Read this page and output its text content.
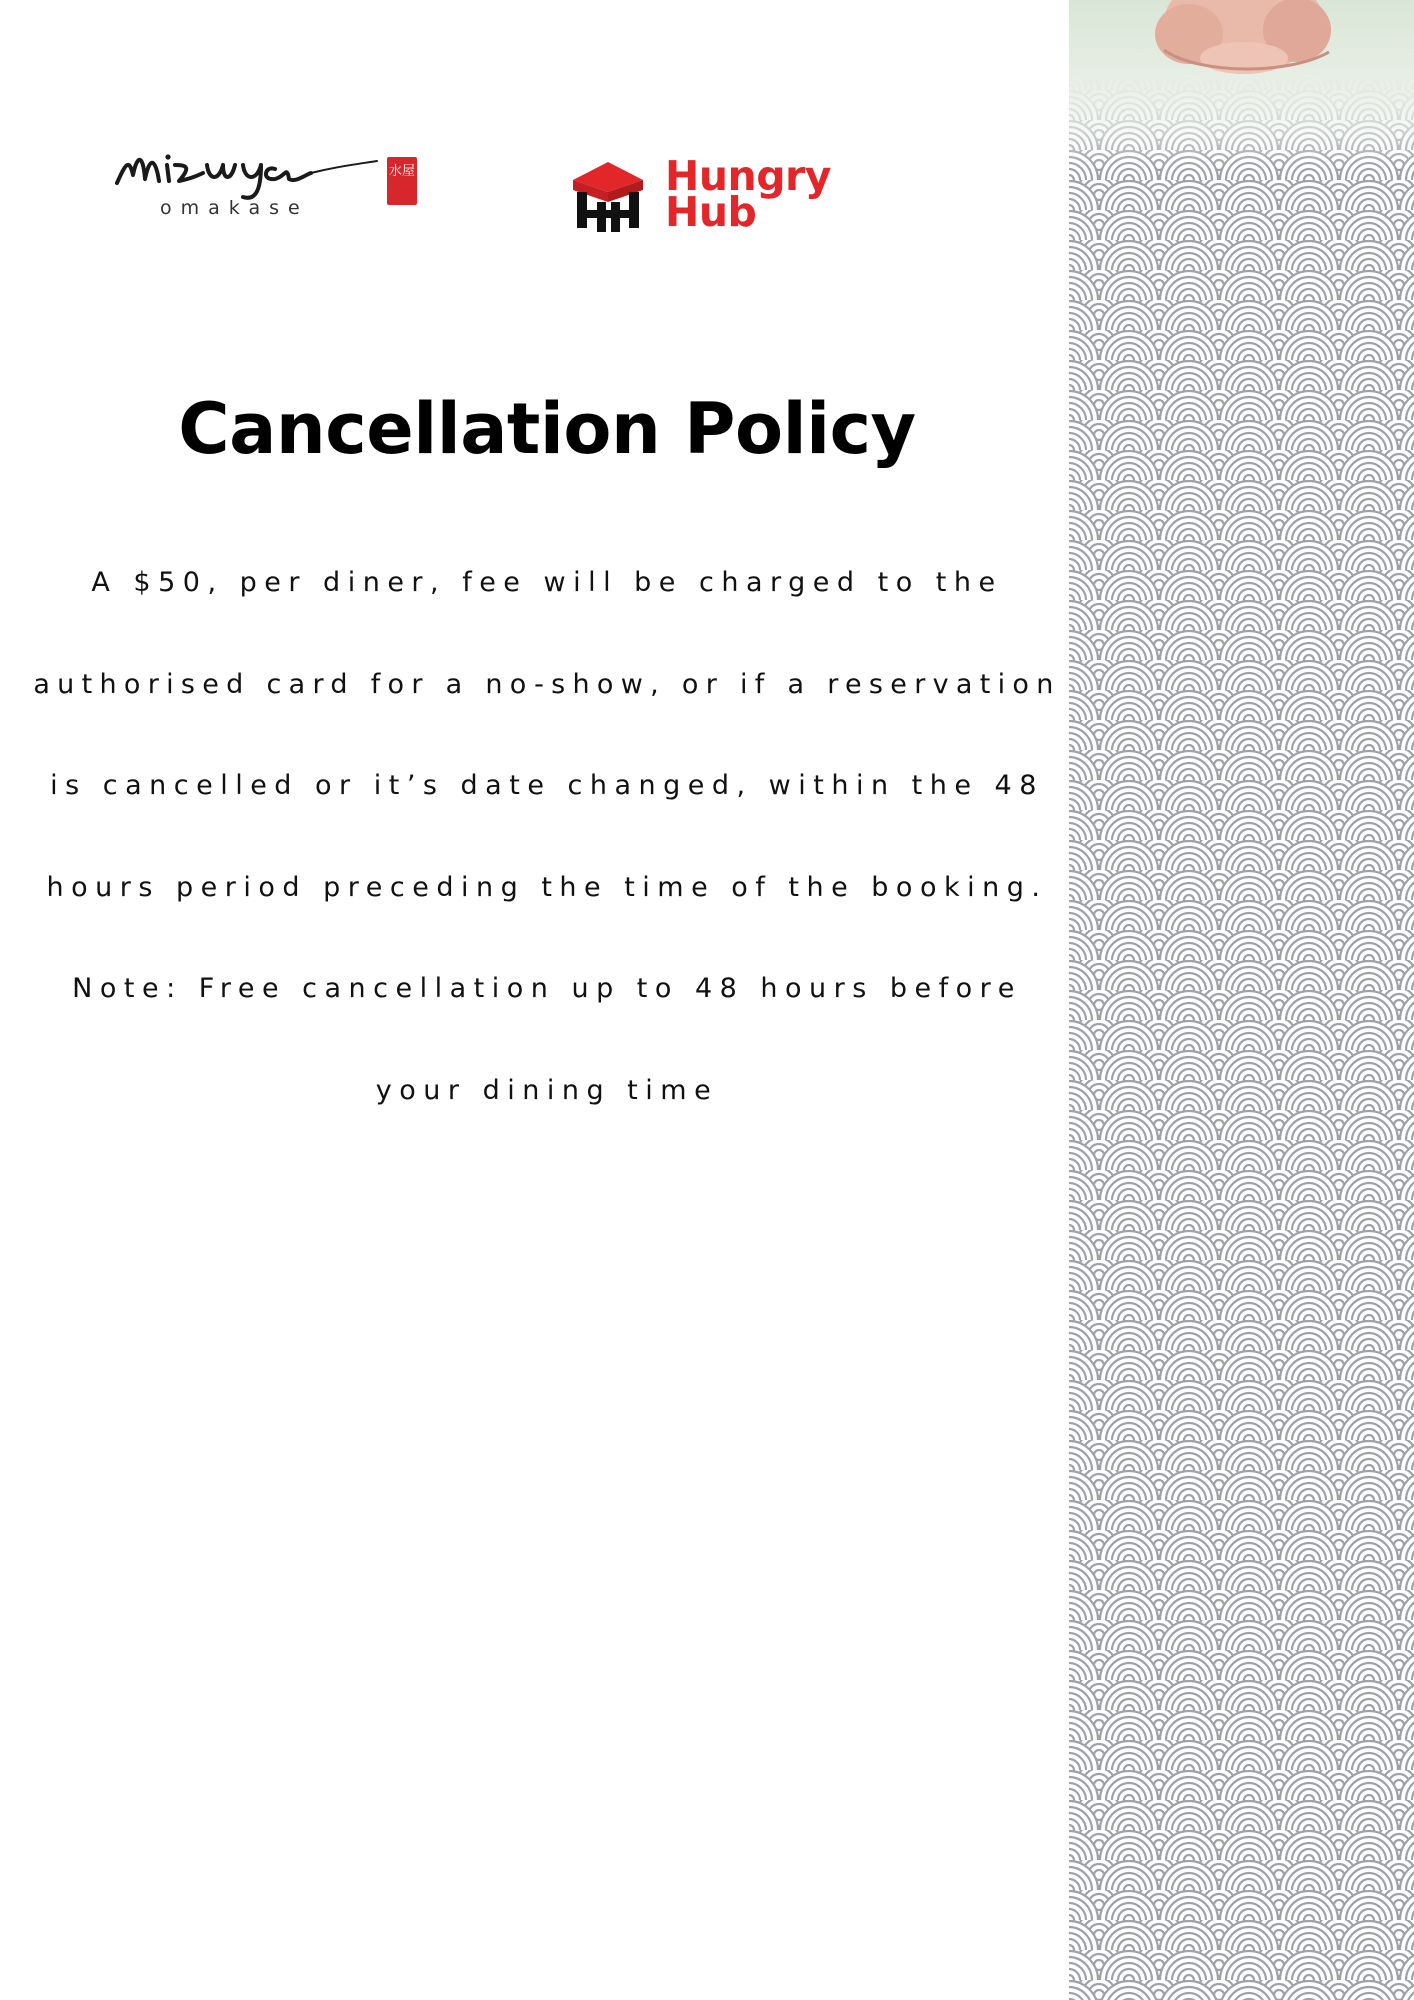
omakase
水屋	Hungry
Hub
Cancellation Policy
A $50, per diner, fee will be charged to the
authorised card for a no-show, or if a reservation
is cancelled or it’s date changed, within the 48
hours period preceding the time of the booking.
Note: Free cancellation up to 48 hours before
your dining time
